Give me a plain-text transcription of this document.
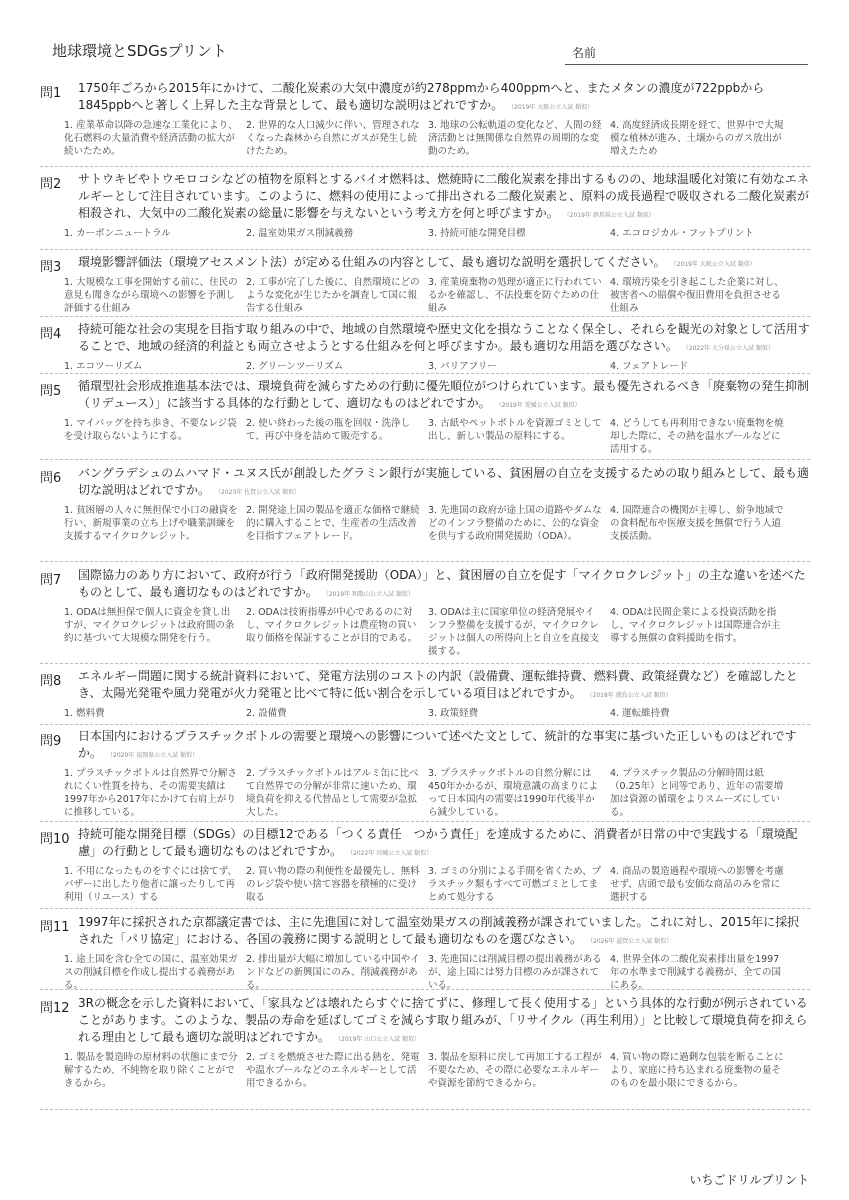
地球環境とSDGsプリント	名前
問1 1750年ごろから2015年にかけて、二酸化炭素の大気中濃度が約278ppmから400ppmへと、またメタンの濃度が722ppbから1845ppbへと著しく上昇した主な背景として、最も適切な説明はどれですか。 （2019年 大阪公立入試 類似）
1. 産業革命以降の急速な工業化により、化石燃料の大量消費や経済活動の拡大が続いたため。
2. 世界的な人口減少に伴い、管理されなくなった森林から自然にガスが発生し続けたため。
3. 地球の公転軌道の変化など、人間の経済活動とは無関係な自然界の周期的な変動のため。
4. 高度経済成長期を経て、世界中で大規模な植林が進み、土壌からのガス放出が増えたため
問2 サトウキビやトウモロコシなどの植物を原料とするバイオ燃料は、燃焼時に二酸化炭素を排出するものの、地球温暖化対策に有効なエネルギーとして注目されています。このように、燃料の使用によって排出される二酸化炭素と、原料の成長過程で吸収される二酸化炭素が相殺され、大気中の二酸化炭素の総量に影響を与えないという考え方を何と呼びますか。 （2019年 群馬県公立入試 類似）
1. カーボンニュートラル	2. 温室効果ガス削減義務	3. 持続可能な開発目標	4. エコロジカル・フットプリント
問3 環境影響評価法（環境アセスメント法）が定める仕組みの内容として、最も適切な説明を選択してください。 （2019年 大阪公立入試 類似）
1. 大規模な工事を開始する前に、住民の意見も聞きながら環境への影響を予測し評価する仕組み
2. 工事が完了した後に、自然環境にどのような変化が生じたかを調査して国に報告する仕組み
3. 産業廃棄物の処理が適正に行われているかを確認し、不法投棄を防ぐための仕組み
4. 環境汚染を引き起こした企業に対し、被害者への賠償や復旧費用を負担させる仕組み
問4 持続可能な社会の実現を目指す取り組みの中で、地域の自然環境や歴史文化を損なうことなく保全し、それらを観光の対象として活用することで、地域の経済的利益とも両立させようとする仕組みを何と呼びますか。最も適切な用語を選びなさい。 （2022年 大分県公立入試 類似）
1. エコツーリズム	2. グリーンツーリズム	3. バリアフリー	4. フェアトレード
問5 循環型社会形成推進基本法では、環境負荷を減らすための行動に優先順位がつけられています。最も優先されるべき「廃棄物の発生抑制（リデュース）」に該当する具体的な行動として、適切なものはどれですか。 （2019年 愛媛公立入試 類似）
1. マイバッグを持ち歩き、不要なレジ袋を受け取らないようにする。
2. 使い終わった後の瓶を回収・洗浄して、再び中身を詰めて販売する。
3. 古紙やペットボトルを資源ゴミとして出し、新しい製品の原料にする。
4. どうしても再利用できない廃棄物を焼却した際に、その熱を温水プールなどに活用する。
問6 バングラデシュのムハマド・ユヌス氏が創設したグラミン銀行が実施している、貧困層の自立を支援するための取り組みとして、最も適切な説明はどれですか。 （2023年 佐賀公立入試 類似）
1. 貧困層の人々に無担保で小口の融資を行い、新規事業の立ち上げや職業訓練を支援するマイクロクレジット。
2. 開発途上国の製品を適正な価格で継続的に購入することで、生産者の生活改善を目指すフェアトレード。
3. 先進国の政府が途上国の道路やダムなどのインフラ整備のために、公的な資金を供与する政府開発援助（ODA）。
4. 国際連合の機関が主導し、紛争地域での食料配布や医療支援を無償で行う人道支援活動。
問7 国際協力のあり方において、政府が行う「政府開発援助（ODA）」と、貧困層の自立を促す「マイクロクレジット」の主な違いを述べたものとして、最も適切なものはどれですか。 （2019年 和歌山公立入試 類似）
1. ODAは無担保で個人に資金を貸し出すが、マイクロクレジットは政府間の条約に基づいて大規模な開発を行う。
2. ODAは技術指導が中心であるのに対し、マイクロクレジットは農産物の買い取り価格を保証することが目的である。
3. ODAは主に国家単位の経済発展やインフラ整備を支援するが、マイクロクレジットは個人の所得向上と自立を直接支援する。
4. ODAは民間企業による投資活動を指し、マイクロクレジットは国際連合が主導する無償の食料援助を指す。
問8 エネルギー問題に関する統計資料において、発電方法別のコストの内訳（設備費、運転維持費、燃料費、政策経費など）を確認したとき、太陽光発電や風力発電が火力発電と比べて特に低い割合を示している項目はどれですか。 （2018年 徳島公立入試 類似）
1. 燃料費	2. 設備費	3. 政策経費	4. 運転維持費
問9 日本国内におけるプラスチックボトルの需要と環境への影響について述べた文として、統計的な事実に基づいた正しいものはどれですか。 （2020年 福岡県公立入試 類似）
1. プラスチックボトルは自然界で分解されにくい性質を持ち、その需要実績は1997年から2017年にかけて右肩上がりに推移している。
2. プラスチックボトルはアルミ缶に比べて自然界での分解が非常に速いため、環境負荷を抑える代替品として需要が急拡大した。
3. プラスチックボトルの自然分解には450年かかるが、環境意識の高まりによって日本国内の需要は1990年代後半から減少している。
4. プラスチック製品の分解時間は紙（0.25年）と同等であり、近年の需要増加は資源の循環をよりスムーズにしている。
問10 持続可能な開発目標（SDGs）の目標12である「つくる責任　つかう責任」を達成するために、消費者が日常の中で実践する「環境配慮」の行動として最も適切なものはどれですか。 （2022年 沖縄公立入試 類似）
1. 不用になったものをすぐには捨てず、バザーに出したり他者に譲ったりして再利用（リユース）する
2. 買い物の際の利便性を最優先し、無料のレジ袋や使い捨て容器を積極的に受け取る
3. ゴミの分別による手間を省くため、プラスチック類もすべて可燃ゴミとしてまとめて処分する
4. 商品の製造過程や環境への影響を考慮せず、店頭で最も安価な商品のみを常に選択する
問11 1997年に採択された京都議定書では、主に先進国に対して温室効果ガスの削減義務が課されていました。これに対し、2015年に採択された「パリ協定」における、各国の義務に関する説明として最も適切なものを選びなさい。 （2026年 滋賀公立入試 類似）
1. 途上国を含む全ての国に、温室効果ガスの削減目標を作成し提出する義務がある。
2. 排出量が大幅に増加している中国やインドなどの新興国にのみ、削減義務がある。
3. 先進国には削減目標の提出義務があるが、途上国には努力目標のみが課されている。
4. 世界全体の二酸化炭素排出量を1997年の水準まで削減する義務が、全ての国にある。
問12 3Rの概念を示した資料において、「家具などは壊れたらすぐに捨てずに、修理して長く使用する」という具体的な行動が例示されていることがあります。このような、製品の寿命を延ばしてゴミを減らす取り組みが、「リサイクル（再生利用）」と比較して環境負荷を抑えられる理由として最も適切な説明はどれですか。 （2019年 山口公立入試 類似）
1. 製品を製造時の原材料の状態にまで分解するため、不純物を取り除くことができるから。
2. ゴミを燃焼させた際に出る熱を、発電や温水プールなどのエネルギーとして活用できるから。
3. 製品を原料に戻して再加工する工程が不要なため、その際に必要なエネルギーや資源を節約できるから。
4. 買い物の際に過剰な包装を断ることにより、家庭に持ち込まれる廃棄物の量そのものを最小限にできるから。
いちごドリルプリント
